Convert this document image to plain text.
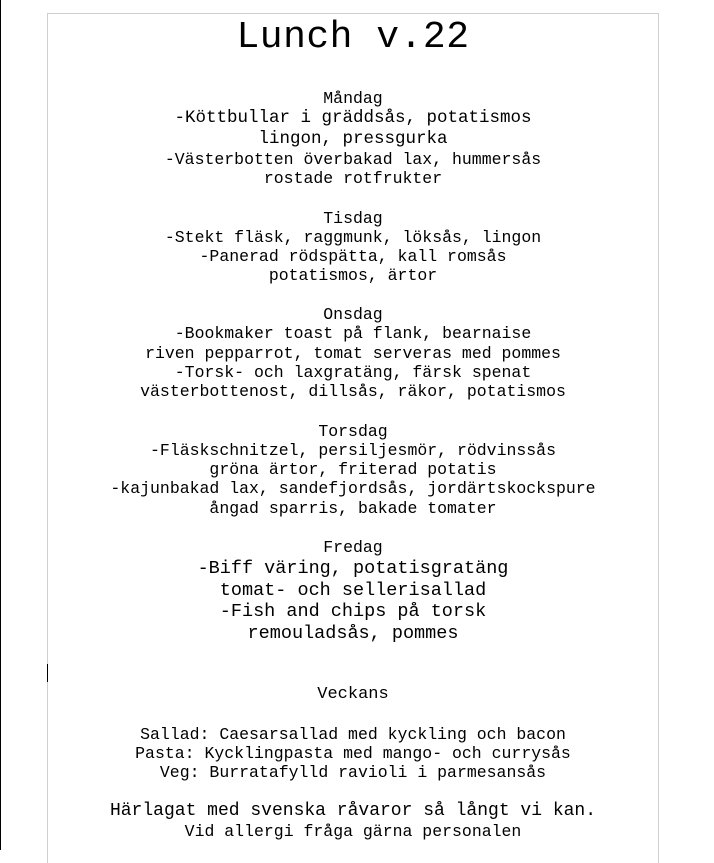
Lunch v.22
Måndag
-Köttbullar i gräddsås, potatismos
lingon, pressgurka
-Västerbotten överbakad lax, hummersås
rostade rotfrukter
Tisdag
-Stekt fläsk, raggmunk, löksås, lingon
-Panerad rödspätta, kall romsås
potatismos, ärtor
Onsdag
-Bookmaker toast på flank, bearnaise
riven pepparrot, tomat serveras med pommes
-Torsk- och laxgratäng, färsk spenat
västerbottenost, dillsås, räkor, potatismos
Torsdag
-Fläskschnitzel, persiljesmör, rödvinssås
gröna ärtor, friterad potatis
-kajunbakad lax, sandefjordsås, jordärtskockspure
ångad sparris, bakade tomater
Fredag
-Biff väring, potatisgratäng
tomat- och sellerisallad
-Fish and chips på torsk
remouladsås, pommes
Veckans
Sallad: Caesarsallad med kyckling och bacon
Pasta: Kycklingpasta med mango- och currysås
Veg: Burratafylld ravioli i parmesansås
Härlagat med svenska råvaror så långt vi kan.
Vid allergi fråga gärna personalen
